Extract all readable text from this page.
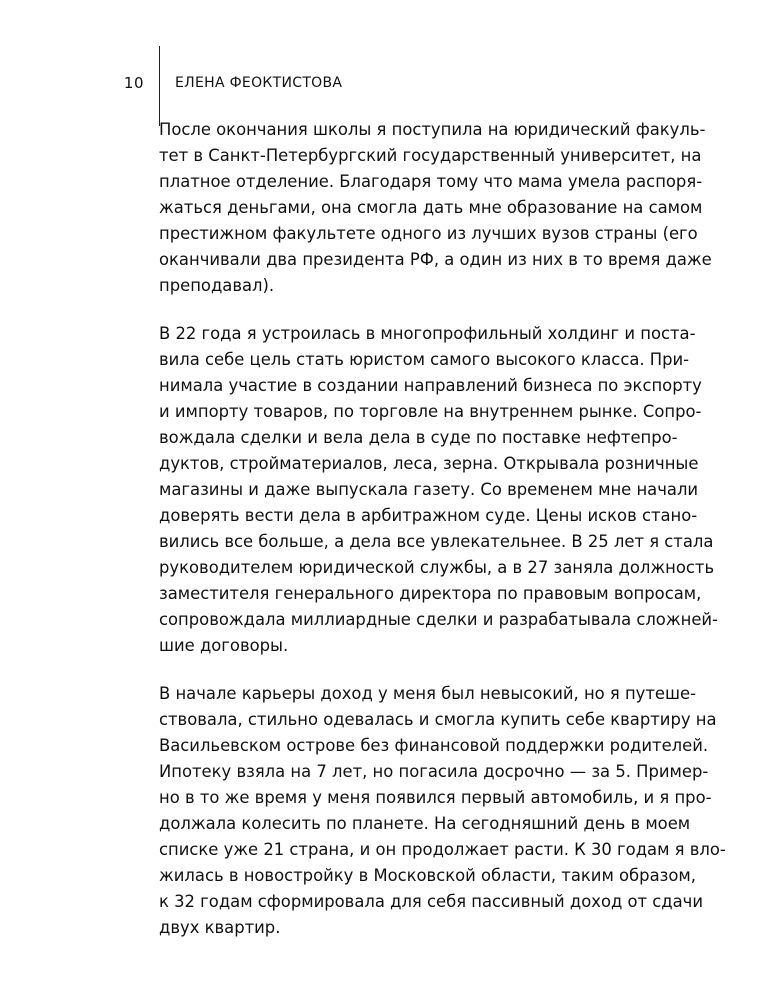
10 ЕЛЕНА ФЕОКТИСТОВА
После окончания школы я поступила на юридический факуль-
тет в Санкт-Петербургский государственный университет, на
платное отделение. Благодаря тому что мама умела распоря-
жаться деньгами, она смогла дать мне образование на самом
престижном факультете одного из лучших вузов страны (его
оканчивали два президента РФ, а один из них в то время даже
преподавал).
В 22 года я устроилась в многопрофильный холдинг и поста-
вила себе цель стать юристом самого высокого класса. При-
нимала участие в создании направлений бизнеса по экспорту
и импорту товаров, по торговле на внутреннем рынке. Сопро-
вождала сделки и вела дела в суде по поставке нефтепро-
дуктов, стройматериалов, леса, зерна. Открывала розничные
магазины и даже выпускала газету. Со временем мне начали
доверять вести дела в арбитражном суде. Цены исков стано-
вились все больше, а дела все увлекательнее. В 25 лет я стала
руководителем юридической службы, а в 27 заняла должность
заместителя генерального директора по правовым вопросам,
сопровождала миллиардные сделки и разрабатывала сложней-
шие договоры.
В начале карьеры доход у меня был невысокий, но я путеше-
ствовала, стильно одевалась и смогла купить себе квартиру на
Васильевском острове без финансовой поддержки родителей.
Ипотеку взяла на 7 лет, но погасила досрочно — за 5. Пример-
но в то же время у меня появился первый автомобиль, и я про-
должала колесить по планете. На сегодняшний день в моем
списке уже 21 страна, и он продолжает расти. К 30 годам я вло-
жилась в новостройку в Московской области, таким образом,
к 32 годам сформировала для себя пассивный доход от сдачи
двух квартир.
